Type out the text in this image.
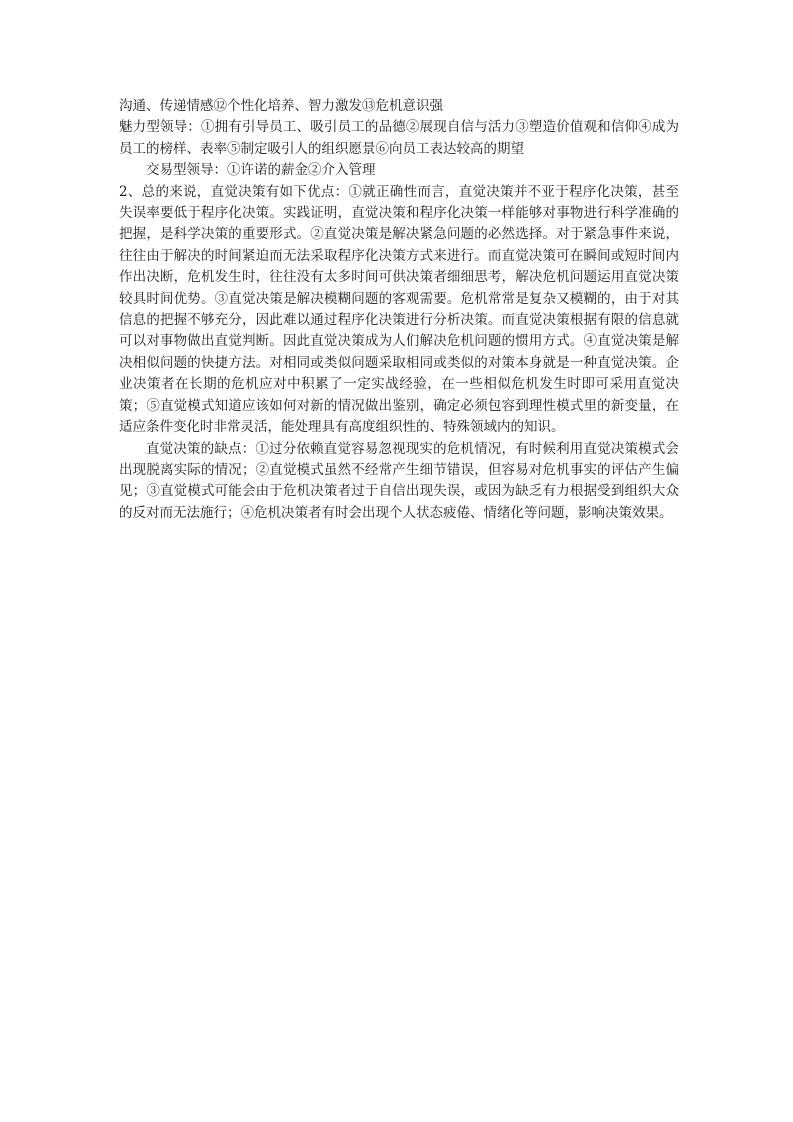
沟通、传递情感⑫个性化培养、智力激发⑬危机意识强

魅力型领导：①拥有引导员工、吸引员工的品德②展现自信与活力③塑造价值观和信仰④成为员工的榜样、表率⑤制定吸引人的组织愿景⑥向员工表达较高的期望

交易型领导：①许诺的薪金②介入管理

2、总的来说，直觉决策有如下优点：①就正确性而言，直觉决策并不亚于程序化决策，甚至失误率要低于程序化决策。实践证明，直觉决策和程序化决策一样能够对事物进行科学准确的把握，是科学决策的重要形式。②直觉决策是解决紧急问题的必然选择。对于紧急事件来说，往往由于解决的时间紧迫而无法采取程序化决策方式来进行。而直觉决策可在瞬间或短时间内作出决断，危机发生时，往往没有太多时间可供决策者细细思考，解决危机问题运用直觉决策较具时间优势。③直觉决策是解决模糊问题的客观需要。危机常常是复杂又模糊的，由于对其信息的把握不够充分，因此难以通过程序化决策进行分析决策。而直觉决策根据有限的信息就可以对事物做出直觉判断。因此直觉决策成为人们解决危机问题的惯用方式。④直觉决策是解决相似问题的快捷方法。对相同或类似问题采取相同或类似的对策本身就是一种直觉决策。企业决策者在长期的危机应对中积累了一定实战经验，在一些相似危机发生时即可采用直觉决策；⑤直觉模式知道应该如何对新的情况做出鉴别，确定必须包容到理性模式里的新变量，在适应条件变化时非常灵活，能处理具有高度组织性的、特殊领域内的知识。

直觉决策的缺点：①过分依赖直觉容易忽视现实的危机情况，有时候利用直觉决策模式会出现脱离实际的情况；②直觉模式虽然不经常产生细节错误，但容易对危机事实的评估产生偏见；③直觉模式可能会由于危机决策者过于自信出现失误，或因为缺乏有力根据受到组织大众的反对而无法施行；④危机决策者有时会出现个人状态疲倦、情绪化等问题，影响决策效果。
